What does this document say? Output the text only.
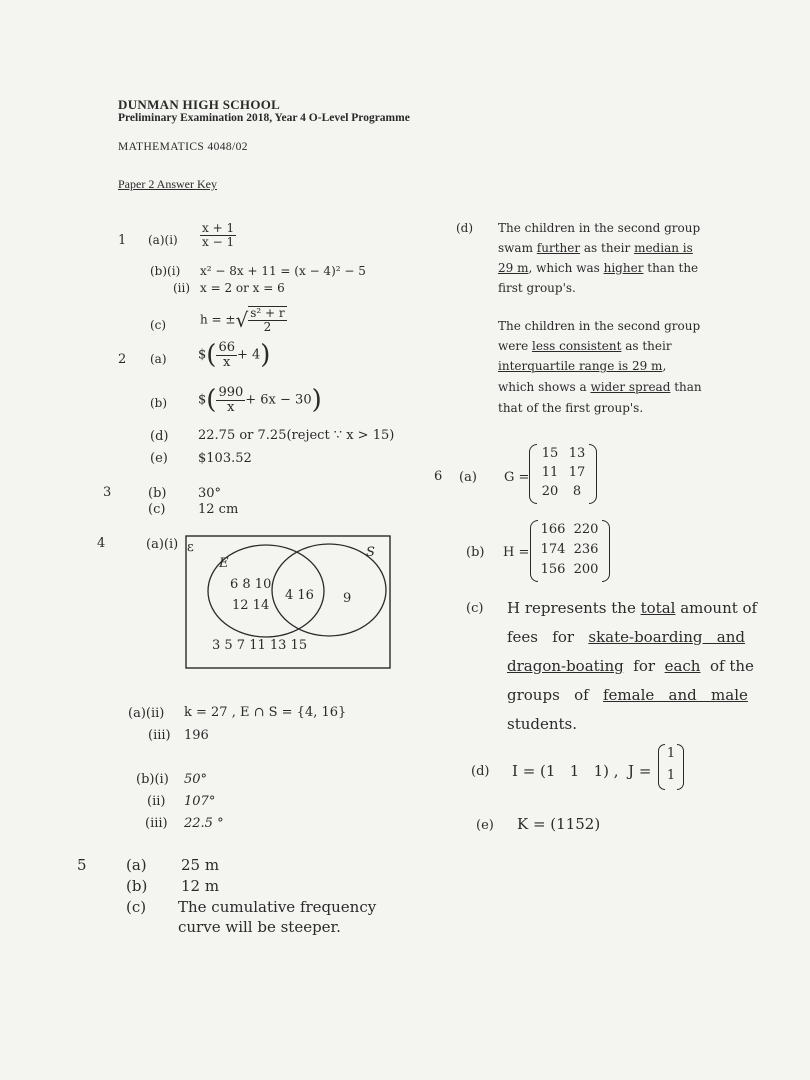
DUNMAN HIGH SCHOOL
Preliminary Examination 2018, Year 4 O-Level Programme
MATHEMATICS 4048/02
Paper 2 Answer Key
1 $(a)(i) \frac{x + 1}{x - 1}$
(b)(i) x² − 8x + 11 = (x − 4)² − 5
(ii) x = 2 or x = 6
(c)	h = ±√ $\frac{\text{s² + r}}{2}$
2 (a) $( $\frac{66}{x} + 4$)
(b) $( $\frac{990}{x} + 6x - 30$)
(d) 22.75 or 7.25(reject ∵ x > 15)
(e) $103.52
3	(b) 30°
(c)	12 cm
4	(a)(i) ε
E
S
6 8 10
12 14
4 16 9
3 5 7 11 13 15
(a)(ii) k = 27 , E ∩ S = {4, 16}
(iii) 196
(b)(i) 50°
(ii) 107°
(iii) 22.5 °
5	(a) 25 m
(b) 12 m
(c) The cumulative frequency
curve will be steeper.
(d) The children in the second group
swam further as their median is
29 m, which was higher than the
first group's.
The children in the second group
were less consistent as their
interquartile range is 29 m,
which shows a wider spread than
that of the first group's.
6 (a) G =
15 13
11 17
20	8
(b) H =
166 220
174 236
156 200
(c) H represents the total amount of
fees   for   skate-boarding   and
dragon-boating  for  each  of the
groups   of   female   and   male
students.
(d) I = (1   1   1) ,  J =
1
1
(e) K = (1152)
